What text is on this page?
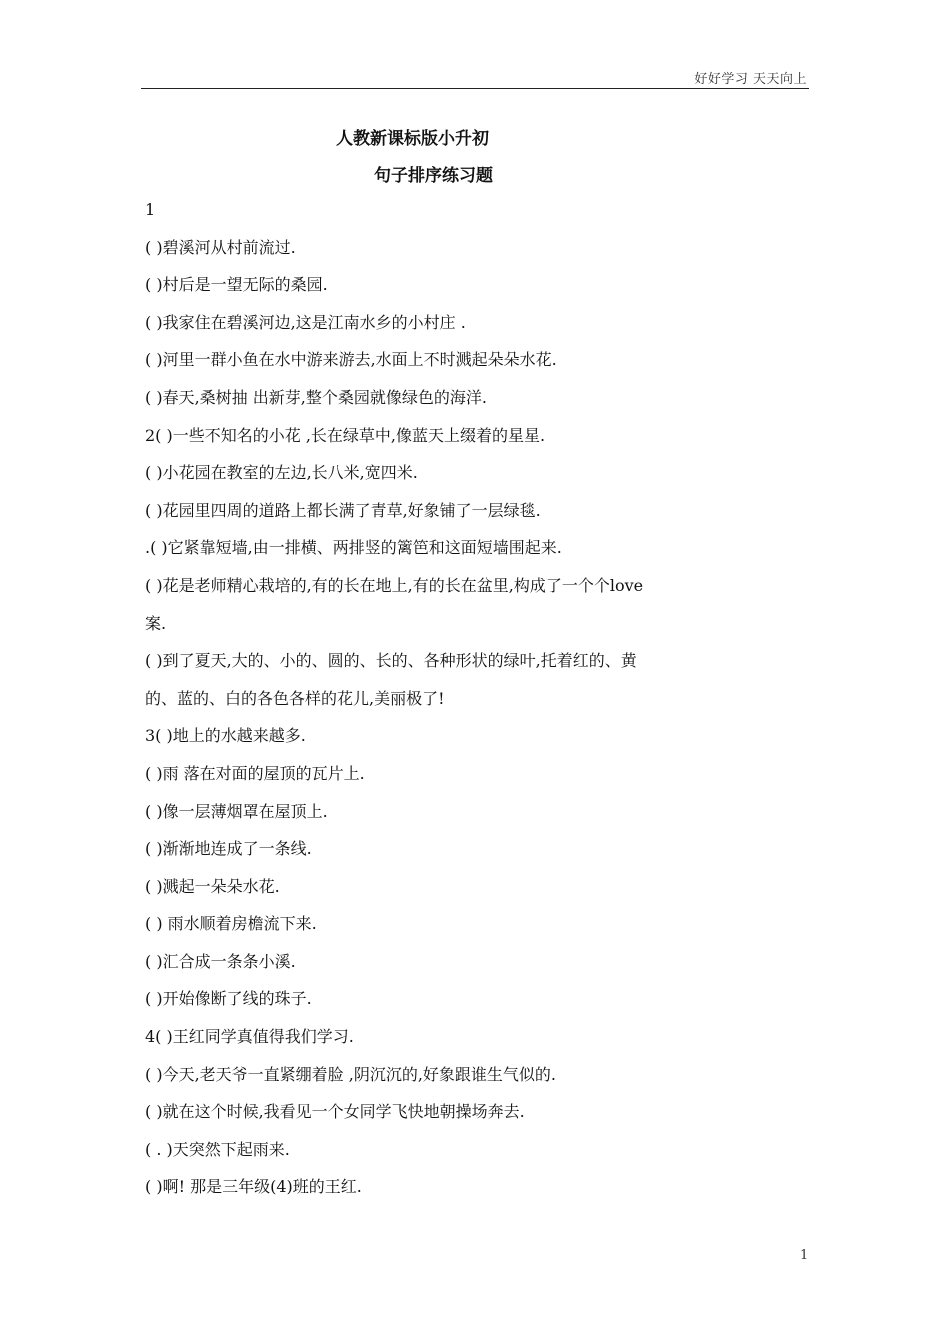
好好学习 天天向上
人教新课标版小升初
句子排序练习题
1
( )碧溪河从村前流过.
( )村后是一望无际的桑园.
( )我家住在碧溪河边,这是江南水乡的小村庄 .
( )河里一群小鱼在水中游来游去,水面上不时溅起朵朵水花.
( )春天,桑树抽 出新芽,整个桑园就像绿色的海洋.
2( )一些不知名的小花 ,长在绿草中,像蓝天上缀着的星星.
( )小花园在教室的左边,长八米,宽四米.
( )花园里四周的道路上都长满了青草,好象铺了一层绿毯.
.( )它紧靠短墙,由一排横、两排竖的篱笆和这面短墙围起来.
( )花是老师精心栽培的,有的长在地上,有的长在盆里,构成了一个个love
案.
( )到了夏天,大的、小的、圆的、长的、各种形状的绿叶,托着红的、黄
的、蓝的、白的各色各样的花儿,美丽极了!
3( )地上的水越来越多.
( )雨 落在对面的屋顶的瓦片上.
( )像一层薄烟罩在屋顶上.
( )渐渐地连成了一条线.
( )溅起一朵朵水花.
( ) 雨水顺着房檐流下来.
( )汇合成一条条小溪.
( )开始像断了线的珠子.
4( )王红同学真值得我们学习.
( )今天,老天爷一直紧绷着脸 ,阴沉沉的,好象跟谁生气似的.
( )就在这个时候,我看见一个女同学飞快地朝操场奔去.
( . )天突然下起雨来.
( )啊! 那是三年级(4)班的王红.
1
